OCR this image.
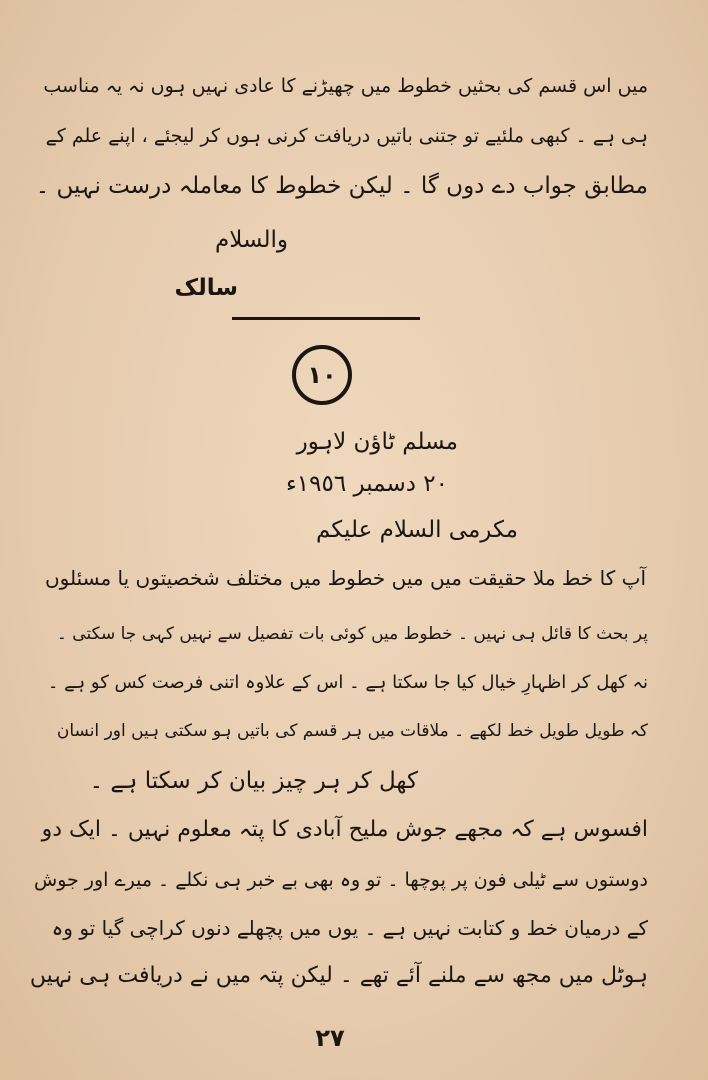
میں اس قسم کی بحثیں خطوط میں چھیڑنے کا عادی نہیں ہوں نہ یہ مناسب
ہی ہے ۔ کبھی ملئیے تو جتنی باتیں دریافت کرنی ہوں کر لیجئے ، اپنے علم کے
مطابق جواب دے دوں گا ۔ لیکن خطوط کا معاملہ درست نہیں ۔
والسلام
سالک
١٠
مسلم ٹاؤن لاہور
٢٠ دسمبر ١٩٥٦ء
مکرمی السلام علیکم
آپ کا خط ملا حقیقت میں میں خطوط میں مختلف شخصیتوں یا مسئلوں
پر بحث کا قائل ہی نہیں ۔ خطوط میں کوئی بات تفصیل سے نہیں کہی جا سکتی ۔
نہ کھل کر اظہارِ خیال کیا جا سکتا ہے ۔ اس کے علاوہ اتنی فرصت کس کو ہے ۔
کہ طویل طویل خط لکھے ۔ ملاقات میں ہر قسم کی باتیں ہو سکتی ہیں اور انسان
کھل کر ہر چیز بیان کر سکتا ہے ۔
افسوس ہے کہ مجھے جوش ملیح آبادی کا پتہ معلوم نہیں ۔ ایک دو
دوستوں سے ٹیلی فون پر پوچھا ۔ تو وہ بھی بے خبر ہی نکلے ۔ میرے اور جوش
کے درمیان خط و کتابت نہیں ہے ۔ یوں میں پچھلے دنوں کراچی گیا تو وہ
ہوٹل میں مجھ سے ملنے آئے تھے ۔ لیکن پتہ میں نے دریافت ہی نہیں
٢٧
